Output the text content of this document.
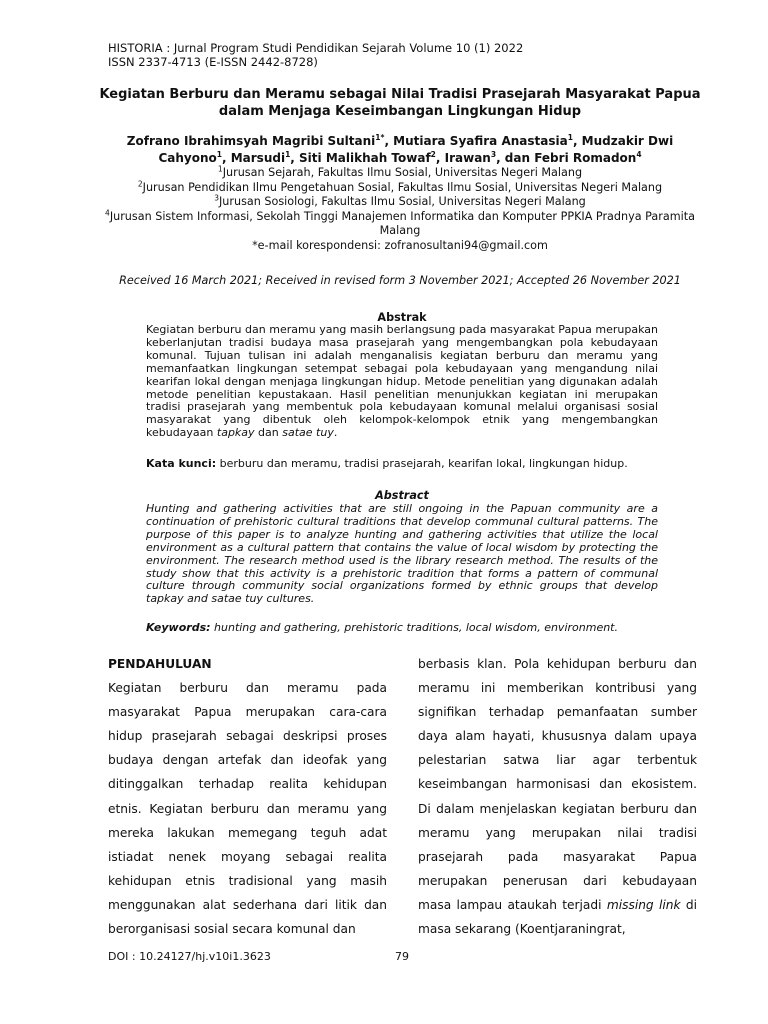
HISTORIA : Jurnal Program Studi Pendidikan Sejarah Volume 10 (1) 2022
ISSN 2337-4713 (E-ISSN 2442-8728)
Kegiatan Berburu dan Meramu sebagai Nilai Tradisi Prasejarah Masyarakat Papua
dalam Menjaga Keseimbangan Lingkungan Hidup
Zofrano Ibrahimsyah Magribi Sultani$^{1*}$, Mutiara Syafira Anastasia$^1$, Mudzakir Dwi Cahyono$^1$, Marsudi$^1$, Siti Malikhah Towaf$^2$, Irawan$^3$, dan Febri Romadon$^4$
$^1$Jurusan Sejarah, Fakultas Ilmu Sosial, Universitas Negeri Malang
$^2$Jurusan Pendidikan Ilmu Pengetahuan Sosial, Fakultas Ilmu Sosial, Universitas Negeri Malang
$^3$Jurusan Sosiologi, Fakultas Ilmu Sosial, Universitas Negeri Malang
$^4$Jurusan Sistem Informasi, Sekolah Tinggi Manajemen Informatika dan Komputer PPKIA Pradnya Paramita Malang
*e-mail korespondensi: zofranosultani94@gmail.com
Received 16 March 2021; Received in revised form 3 November 2021; Accepted 26 November 2021
Abstrak
Kegiatan berburu dan meramu yang masih berlangsung pada masyarakat Papua merupakan keberlanjutan tradisi budaya masa prasejarah yang mengembangkan pola kebudayaan komunal. Tujuan tulisan ini adalah menganalisis kegiatan berburu dan meramu yang memanfaatkan lingkungan setempat sebagai pola kebudayaan yang mengandung nilai kearifan lokal dengan menjaga lingkungan hidup. Metode penelitian yang digunakan adalah metode penelitian kepustakaan. Hasil penelitian menunjukkan kegiatan ini merupakan tradisi prasejarah yang membentuk pola kebudayaan komunal melalui organisasi sosial masyarakat yang dibentuk oleh kelompok-kelompok etnik yang mengembangkan kebudayaan tapkay dan satae tuy.
Kata kunci: berburu dan meramu, tradisi prasejarah, kearifan lokal, lingkungan hidup.
Abstract
Hunting and gathering activities that are still ongoing in the Papuan community are a continuation of prehistoric cultural traditions that develop communal cultural patterns. The purpose of this paper is to analyze hunting and gathering activities that utilize the local environment as a cultural pattern that contains the value of local wisdom by protecting the environment. The research method used is the library research method. The results of the study show that this activity is a prehistoric tradition that forms a pattern of communal culture through community social organizations formed by ethnic groups that develop tapkay and satae tuy cultures.
Keywords: hunting and gathering, prehistoric traditions, local wisdom, environment.
PENDAHULUAN
Kegiatan berburu dan meramu pada masyarakat Papua merupakan cara-cara hidup prasejarah sebagai deskripsi proses budaya dengan artefak dan ideofak yang ditinggalkan terhadap realita kehidupan etnis. Kegiatan berburu dan meramu yang mereka lakukan memegang teguh adat istiadat nenek moyang sebagai realita kehidupan etnis tradisional yang masih menggunakan alat sederhana dari litik dan berorganisasi sosial secara komunal dan
berbasis klan. Pola kehidupan berburu dan meramu ini memberikan kontribusi yang signifikan terhadap pemanfaatan sumber daya alam hayati, khususnya dalam upaya pelestarian satwa liar agar terbentuk keseimbangan harmonisasi dan ekosistem. Di dalam menjelaskan kegiatan berburu dan meramu yang merupakan nilai tradisi prasejarah pada masyarakat Papua merupakan penerusan dari kebudayaan masa lampau ataukah terjadi missing link di masa sekarang (Koentjaraningrat,
DOI : 10.24127/hj.v10i1.3623	79
